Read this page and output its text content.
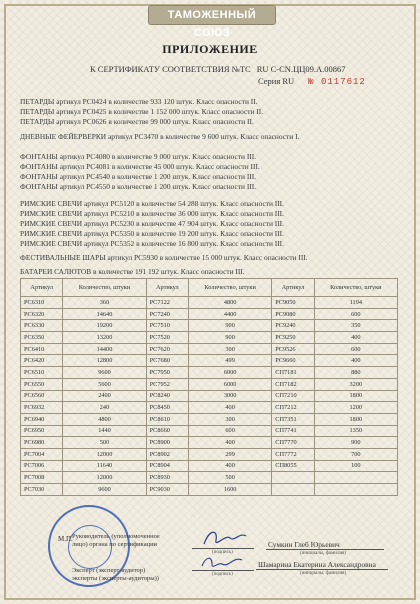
ТАМОЖЕННЫЙ СОЮЗ
ПРИЛОЖЕНИЕ
К СЕРТИФИКАТУ СООТВЕТСТВИЯ №ТС RU C-CN.ЦЦ09.А.00867
Серия RU № 0117612
ПЕТАРДЫ артикул PC0424 в количестве 933 120 штук. Класс опасности II.
ПЕТАРДЫ артикул PC0425 в количестве 1 152 000 штук. Класс опасности II.
ПЕТАРДЫ артикул PC0626 в количестве 99 000 штук. Класс опасности II.
ДНЕВНЫЕ ФЕЙЕРВЕРКИ артикул PC3470 в количестве 9 600 штук. Класс опасности I.
ФОНТАНЫ артикул PC4080 в количестве 9 000 штук. Класс опасности III.
ФОНТАНЫ артикул PC4081 в количестве 45 000 штук. Класс опасности III.
ФОНТАНЫ артикул PC4540 в количестве 1 200 штук. Класс опасности III.
ФОНТАНЫ артикул PC4550 в количестве 1 200 штук. Класс опасности III.
РИМСКИЕ СВЕЧИ артикул PC5120 в количестве 54 288 штук. Класс опасности III.
РИМСКИЕ СВЕЧИ артикул PC5210 в количестве 36 000 штук. Класс опасности III.
РИМСКИЕ СВЕЧИ артикул PC5230 в количестве 47 904 штук. Класс опасности III.
РИМСКИЕ СВЕЧИ артикул PC5350 в количестве 19 200 штук. Класс опасности III.
РИМСКИЕ СВЕЧИ артикул PC5352 в количестве 16 800 штук. Класс опасности III.
ФЕСТИВАЛЬНЫЕ ШАРЫ артикул PC5930 в количестве 15 000 штук. Класс опасности III.
БАТАРЕИ САЛЮТОВ в количестве 191 192 штук. Класс опасности III.
Артикул	Количество, штуки	Артикул	Количество, штуки	Артикул	Количество, штуки
PC6310	360	PC7122	4800	PC9050	1194
PC6320	14640	PC7240	4400	PC9080	600
PC6330	19200	PC7510	900	PC9240	350
PC6350	13200	PC7520	900	PC9250	400
PC6410	14400	PC7620	300	PC9526	600
PC6420	12800	PC7680	499	PC9660	400
PC6510	9600	PC7950	6000	СП7181	880
PC6550	5600	PC7952	6000	СП7182	3200
PC6560	2400	PC8240	3000	СП7210	1800
PC6932	240	PC8450	400	СП7212	1200
PC6940	4800	PC8610	300	СП7351	1800
PC6950	1440	PC8660	600	СП7741	1350
PC6980	500	PC8900	400	СП7770	900
PC7004	12000	PC8902	299	СП7772	700
PC7006	11640	PC8904	400	СП8055	100
PC7008	12000	PC8930	500		
PC7030	9600	PC9030	1600		
М.П. Руководитель (уполномоченное
лицо) органа по сертификации
(подпись)
Сумкин Глеб Юрьевич
(инициалы, фамилия)
Эксперт (эксперт-аудитор)
эксперты (эксперты-аудиторы))
(подпись)
Шамарина Екатерина Александровна
(инициалы, фамилия)
